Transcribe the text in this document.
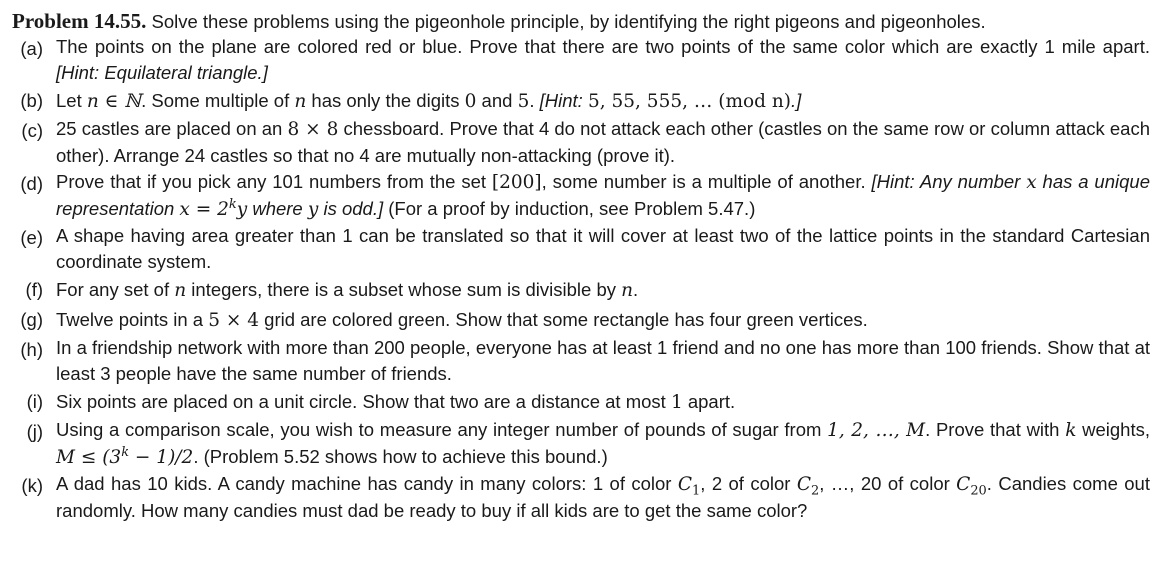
Problem 14.55. Solve these problems using the pigeonhole principle, by identifying the right pigeons and pigeonholes.
(a) The points on the plane are colored red or blue. Prove that there are two points of the same color which are exactly 1 mile apart. [Hint: Equilateral triangle.]
(b) Let n ∈ ℕ. Some multiple of n has only the digits 0 and 5. [Hint: 5, 55, 555, … (mod n).]
(c) 25 castles are placed on an 8 × 8 chessboard. Prove that 4 do not attack each other (castles on the same row or column attack each other). Arrange 24 castles so that no 4 are mutually non-attacking (prove it).
(d) Prove that if you pick any 101 numbers from the set [200], some number is a multiple of another. [Hint: Any number x has a unique representation $x = 2^ky$ where y is odd.] (For a proof by induction, see Problem 5.47.)
(e) A shape having area greater than 1 can be translated so that it will cover at least two of the lattice points in the standard Cartesian coordinate system.
(f) For any set of n integers, there is a subset whose sum is divisible by n.
(g) Twelve points in a 5 × 4 grid are colored green. Show that some rectangle has four green vertices.
(h) In a friendship network with more than 200 people, everyone has at least 1 friend and no one has more than 100 friends. Show that at least 3 people have the same number of friends.
(i) Six points are placed on a unit circle. Show that two are a distance at most 1 apart.
(j) Using a comparison scale, you wish to measure any integer number of pounds of sugar from 1, 2, …, M. Prove that with k weights, $M \le (3^k - 1)/2$. (Problem 5.52 shows how to achieve this bound.)
(k) A dad has 10 kids. A candy machine has candy in many colors: 1 of color $C_1$, 2 of color $C_2$, …, 20 of color $C_{20}$. Candies come out randomly. How many candies must dad be ready to buy if all kids are to get the same color?
